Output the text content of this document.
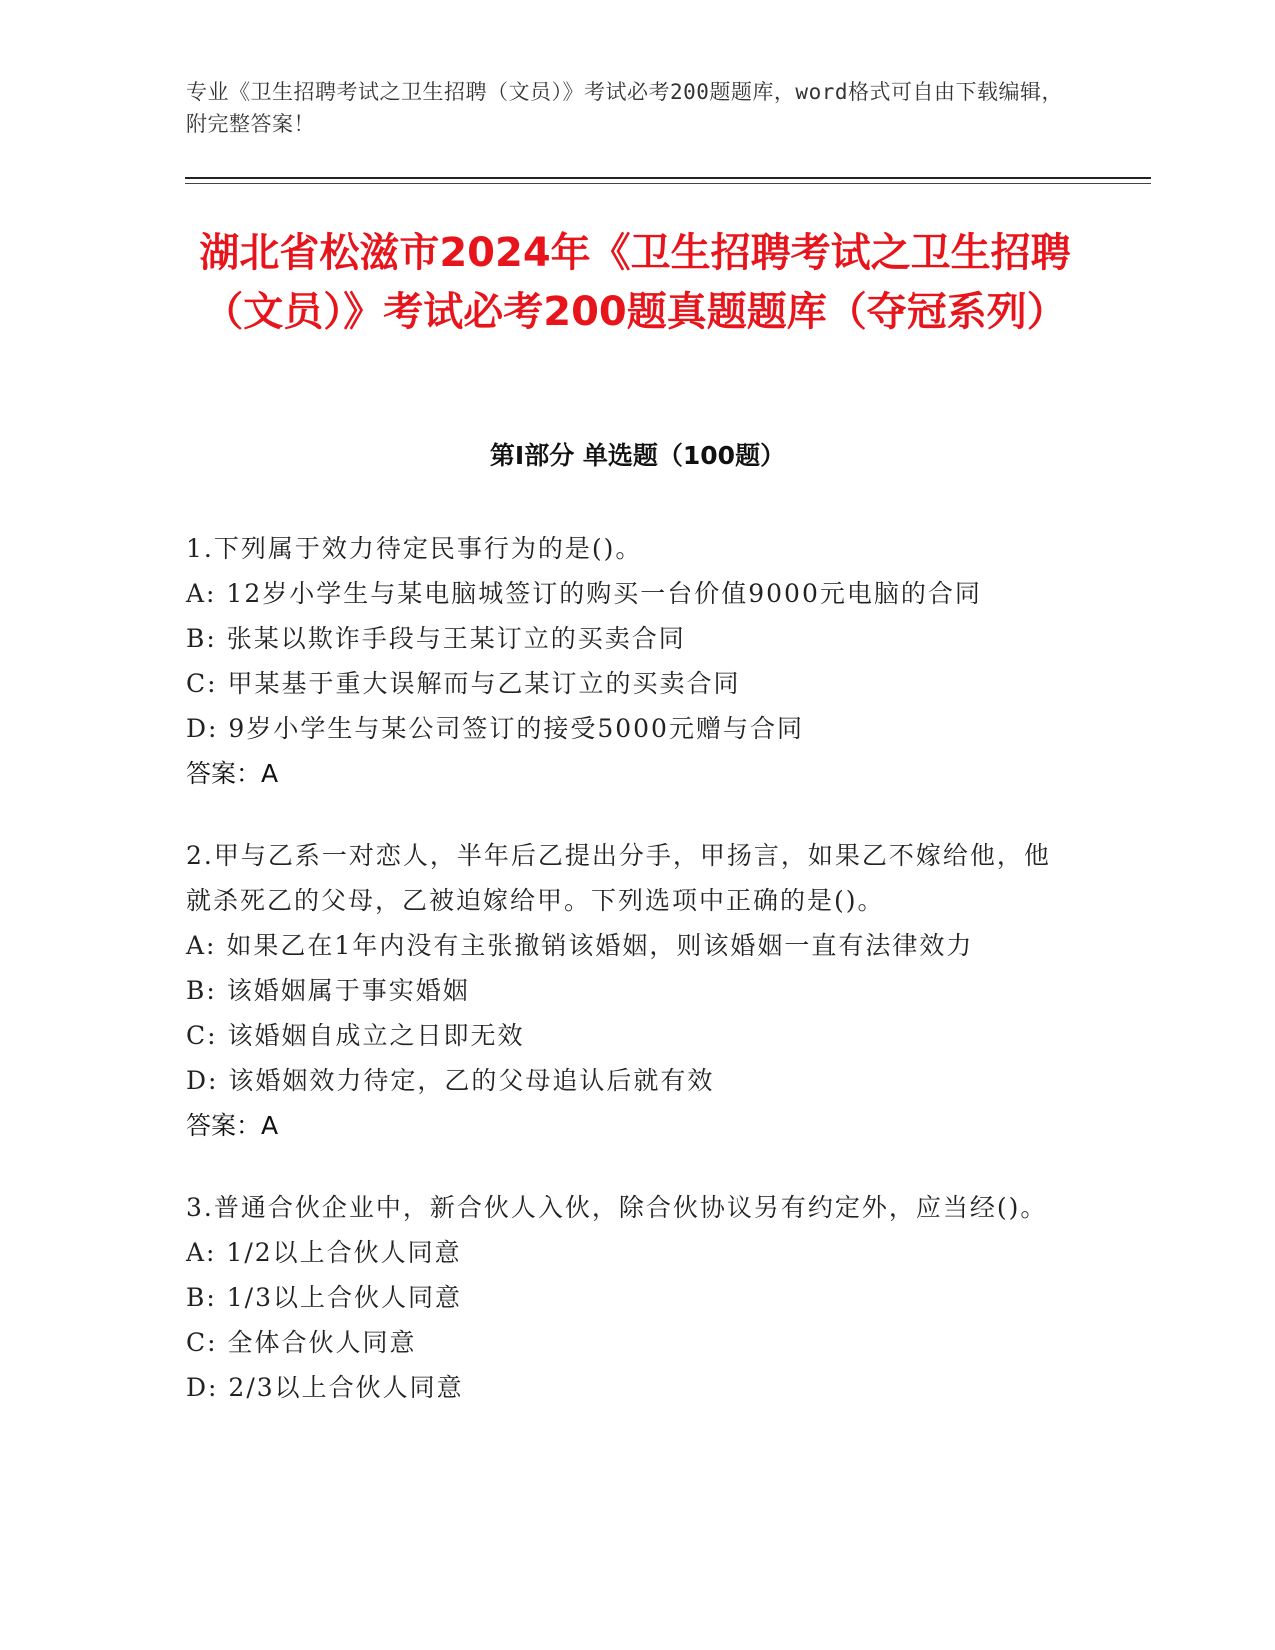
专业《卫生招聘考试之卫生招聘（文员）》考试必考200题题库，word格式可自由下载编辑，附完整答案！
湖北省松滋市2024年《卫生招聘考试之卫生招聘（文员）》考试必考200题真题题库（夺冠系列）
第Ⅰ部分 单选题（100题）
1.下列属于效力待定民事行为的是()。
A: 12岁小学生与某电脑城签订的购买一台价值9000元电脑的合同
B: 张某以欺诈手段与王某订立的买卖合同
C: 甲某基于重大误解而与乙某订立的买卖合同
D: 9岁小学生与某公司签订的接受5000元赠与合同
答案：A
2.甲与乙系一对恋人，半年后乙提出分手，甲扬言，如果乙不嫁给他，他就杀死乙的父母，乙被迫嫁给甲。下列选项中正确的是()。
A: 如果乙在1年内没有主张撤销该婚姻，则该婚姻一直有法律效力
B: 该婚姻属于事实婚姻
C: 该婚姻自成立之日即无效
D: 该婚姻效力待定，乙的父母追认后就有效
答案：A
3.普通合伙企业中，新合伙人入伙，除合伙协议另有约定外，应当经()。
A: 1/2以上合伙人同意
B: 1/3以上合伙人同意
C: 全体合伙人同意
D: 2/3以上合伙人同意
